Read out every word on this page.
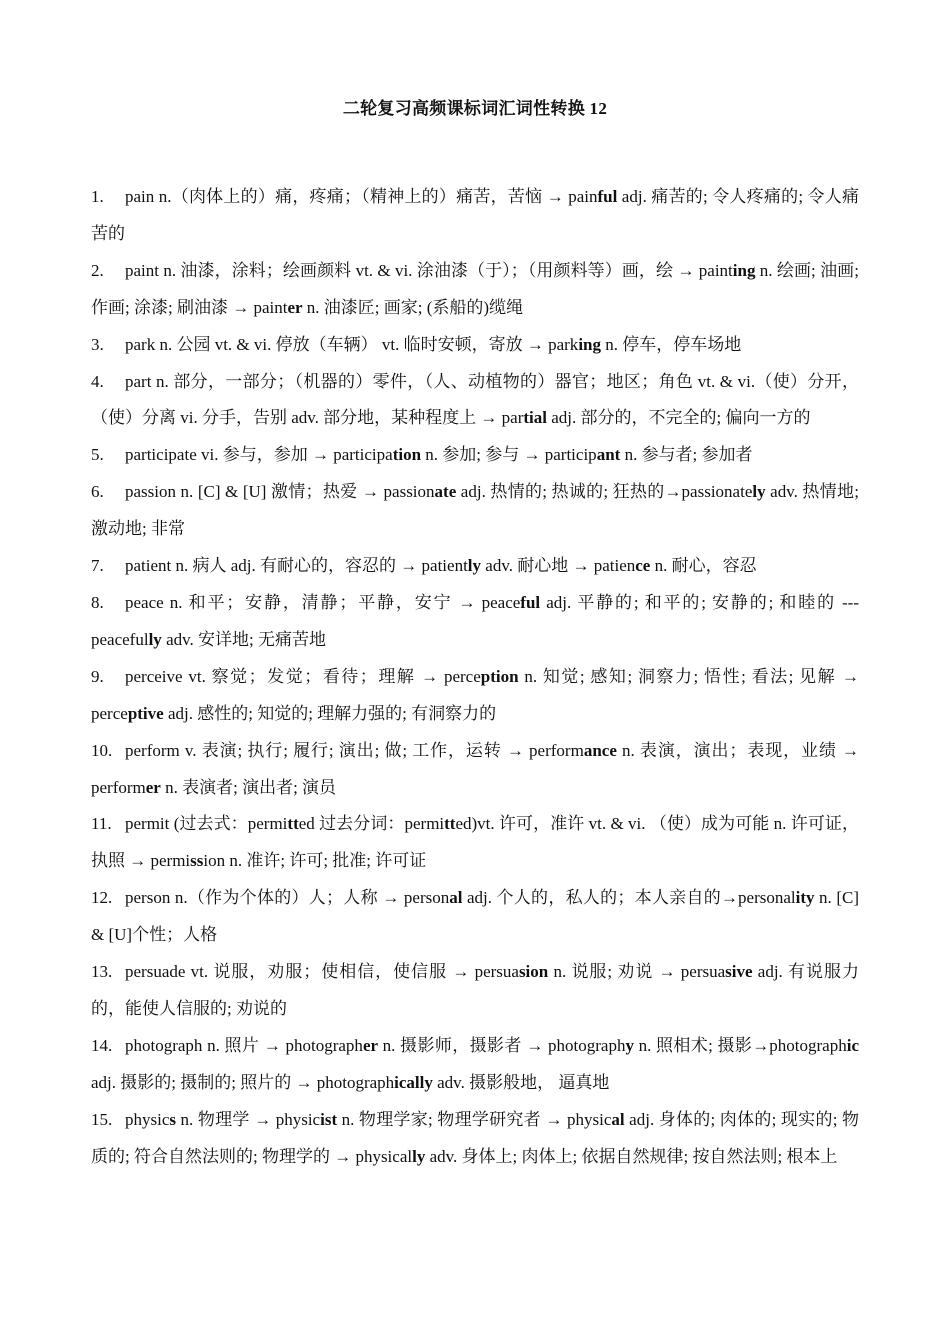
二轮复习高频课标词汇词性转换 12

1. pain n.（肉体上的）痛，疼痛；（精神上的）痛苦，苦恼 → painful adj. 痛苦的; 令人疼痛的; 令人痛苦的

2. paint n. 油漆，涂料；绘画颜料 vt. & vi. 涂油漆（于）；（用颜料等）画，绘 → painting n. 绘画; 油画; 作画; 涂漆; 刷油漆 → painter n. 油漆匠; 画家; (系船的)缆绳

3. park n. 公园 vt. & vi. 停放（车辆） vt. 临时安顿，寄放 → parking n. 停车，停车场地

4. part n. 部分，一部分；（机器的）零件，（人、动植物的）器官；地区；角色 vt. & vi.（使）分开，（使）分离 vi. 分手，告别 adv. 部分地，某种程度上 → partial adj. 部分的，不完全的; 偏向一方的

5. participate vi. 参与，参加 → participation n. 参加; 参与 → participant n. 参与者; 参加者

6. passion n. [C] & [U] 激情；热爱 → passionate adj. 热情的; 热诚的; 狂热的→passionately adv. 热情地; 激动地; 非常

7. patient n. 病人 adj. 有耐心的，容忍的 → patiently adv. 耐心地 → patience n. 耐心，容忍

8. peace n. 和平；安静，清静；平静，安宁 → peaceful adj. 平静的; 和平的; 安静的; 和睦的 --- peacefully adv. 安详地; 无痛苦地

9. perceive vt. 察觉；发觉；看待；理解 → perception n. 知觉; 感知; 洞察力; 悟性; 看法; 见解 → perceptive adj. 感性的; 知觉的; 理解力强的; 有洞察力的

10. perform v. 表演; 执行; 履行; 演出; 做; 工作，运转 → performance n. 表演，演出；表现，业绩 → performer n. 表演者; 演出者; 演员

11. permit (过去式：permitted 过去分词：permitted)vt. 许可，准许 vt. & vi. （使）成为可能 n. 许可证，执照 → permission n. 准许; 许可; 批准; 许可证

12. person n.（作为个体的）人；人称 → personal adj. 个人的，私人的；本人亲自的→personality n. [C] & [U]个性；人格

13. persuade vt. 说服，劝服；使相信，使信服 → persuasion n. 说服; 劝说 → persuasive adj. 有说服力的，能使人信服的; 劝说的

14. photograph n. 照片 → photographer n. 摄影师，摄影者 → photography n. 照相术; 摄影→photographic adj. 摄影的; 摄制的; 照片的 → photographically adv. 摄影般地， 逼真地

15. physics n. 物理学 → physicist n. 物理学家; 物理学研究者 → physical adj. 身体的; 肉体的; 现实的; 物质的; 符合自然法则的; 物理学的 → physically adv. 身体上; 肉体上; 依据自然规律; 按自然法则; 根本上
